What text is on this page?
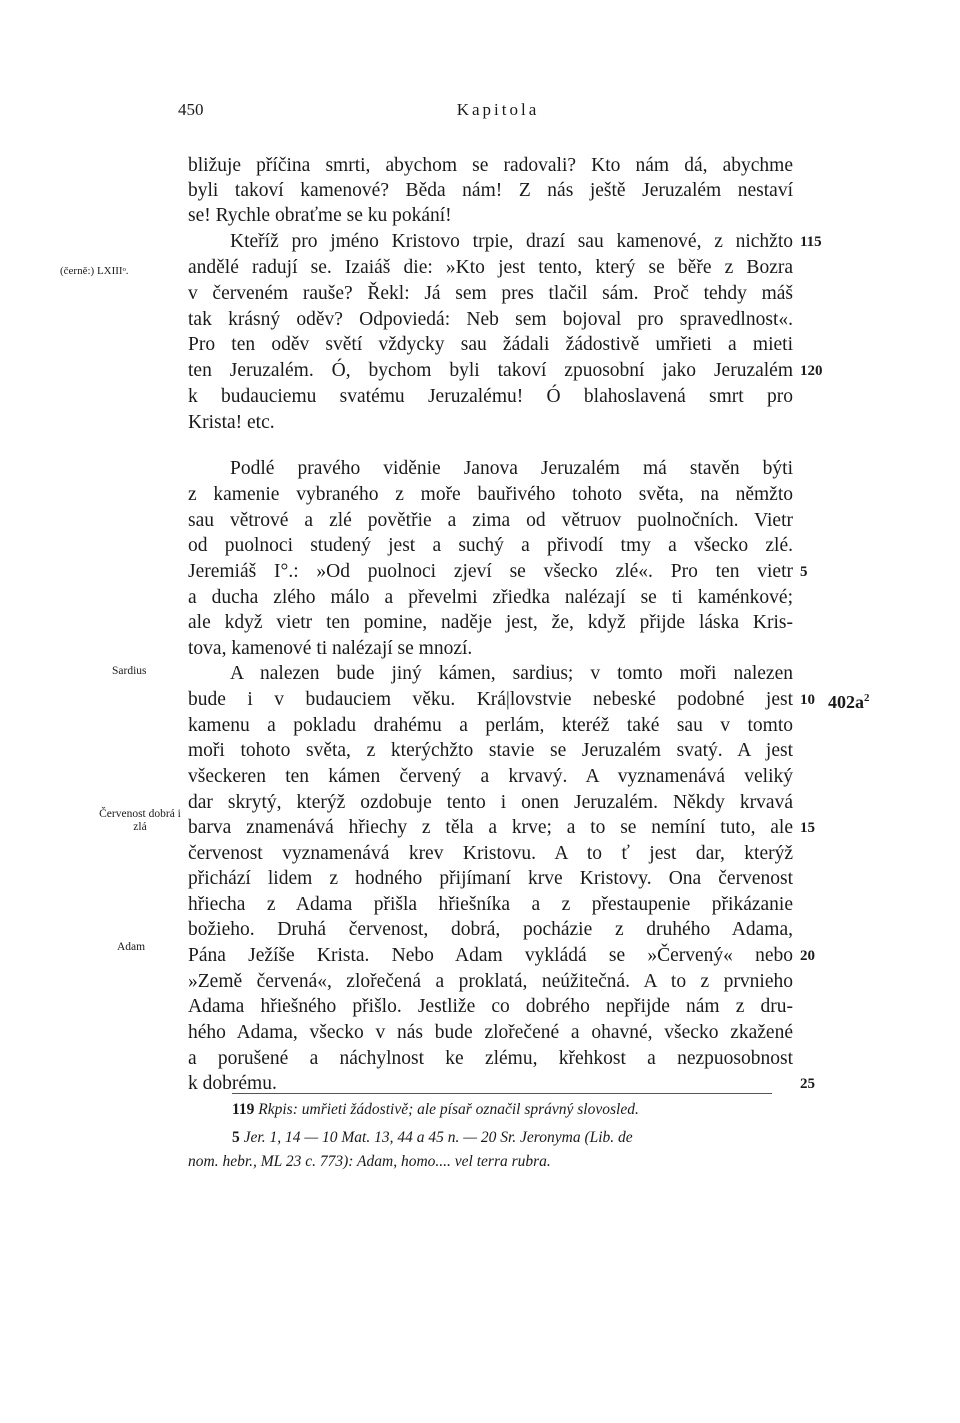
450	Kapitola
(černě:) LXIIIᵒ.
Sardius
Červenost dobrá i zlá
Adam
$402a^2$
bližuje příčina smrti, abychom se radovali? Kto nám dá, abychme
byli takoví kamenové? Běda nám! Z nás ještě Jeruzalém nestaví
se! Rychle obraťme se ku pokání!
Kteříž pro jméno Kristovo trpie, drazí sau kamenové, z nichžto
andělé radují se. Izaiáš die: »Kto jest tento, který se běře z Bozra
v červeném rauše? Řekl: Já sem pres tlačil sám. Proč tehdy máš
tak krásný oděv? Odpoviedá: Neb sem bojoval pro spravedlnost«.
Pro ten oděv světí vždycky sau žádali žádostivě umřieti a mieti
ten Jeruzalém. Ó, bychom byli takoví zpuosobní jako Jeruzalém
k budauciemu svatému Jeruzalému! Ó blahoslavená smrt pro
Krista! etc.
Podlé pravého viděnie Janova Jeruzalém má stavěn býti
z kamenie vybraného z moře bauřivého tohoto světa, na němžto
sau větrové a zlé povětřie a zima od větruov puolnočních. Vietr
od puolnoci studený jest a suchý a přivodí tmy a všecko zlé.
Jeremiáš I°.: »Od puolnoci zjeví se všecko zlé«. Pro ten vietr
a ducha zlého málo a převelmi zřiedka nalézají se ti kaménkové;
ale když vietr ten pomine, naděje jest, že, když přijde láska Kris-
tova, kamenové ti nalézají se mnozí.
A nalezen bude jiný kámen, sardius; v tomto moři nalezen
bude i v budauciem věku. Krá|lovstvie nebeské podobné jest
kamenu a pokladu drahému a perlám, kteréž také sau v tomto
moři tohoto světa, z kterýchžto stavie se Jeruzalém svatý. A jest
všeckeren ten kámen červený a krvavý. A vyznamenává veliký
dar skrytý, kterýž ozdobuje tento i onen Jeruzalém. Někdy krvavá
barva znamenává hřiechy z těla a krve; a to se nemíní tuto, ale
červenost vyznamenává krev Kristovu. A to ť jest dar, kterýž
přichází lidem z hodného přijímaní krve Kristovy. Ona červenost
hřiecha z Adama přišla hřiešníka a z přestaupenie přikázanie
božieho. Druhá červenost, dobrá, pocházie z druhého Adama,
Pána Ježíše Krista. Nebo Adam vykládá se »Červený« nebo
»Země červená«, zlořečená a proklatá, neúžitečná. A to z prvnieho
Adama hřiešného přišlo. Jestliže co dobrého nepřijde nám z dru-
hého Adama, všecko v nás bude zlořečené a ohavné, všecko zkažené
a porušené a náchylnost ke zlému, křehkost a nezpuosobnost
k dobrému.
115
120
5
10
15
20
25
119 Rkpis: umřieti žádostivě; ale písař označil správný slovosled.
5 Jer. 1, 14 — 10 Mat. 13, 44 a 45 n. — 20 Sr. Jeronyma (Lib. de
nom. hebr., ML 23 c. 773): Adam, homo.... vel terra rubra.
